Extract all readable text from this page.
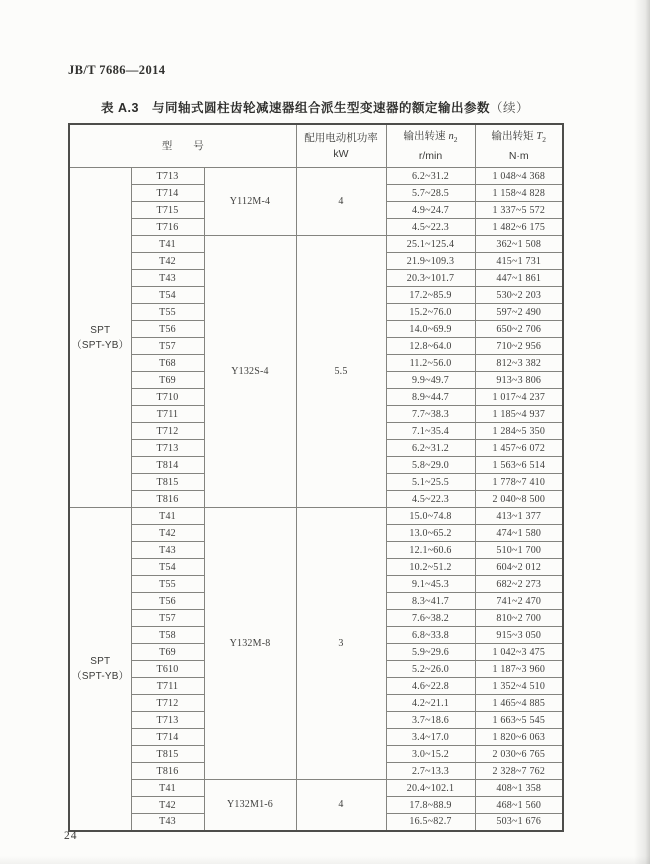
JB/T 7686—2014
表 A.3　 与同轴式圆柱齿轮减速器组合派生型变速器的额定输出参数（续）
型　　号

配用电动机功率
kW

输出转速 $n_2$
r/min

输出转矩 $T_2$
N·m

SPT
（SPT-YB）	T713	Y112M-4	4	6.2~31.2	1 048~4 368
	T714			5.7~28.5	1 158~4 828
	T715			4.9~24.7	1 337~5 572
	T716			4.5~22.3	1 482~6 175
	T41	Y132S-4	5.5	25.1~125.4	362~1 508
	T42			21.9~109.3	415~1 731
	T43			20.3~101.7	447~1 861
	T54			17.2~85.9	530~2 203
	T55			15.2~76.0	597~2 490
	T56			14.0~69.9	650~2 706
	T57			12.8~64.0	710~2 956
	T68			11.2~56.0	812~3 382
	T69			9.9~49.7	913~3 806
	T710			8.9~44.7	1 017~4 237
	T711			7.7~38.3	1 185~4 937
	T712			7.1~35.4	1 284~5 350
	T713			6.2~31.2	1 457~6 072
	T814			5.8~29.0	1 563~6 514
	T815			5.1~25.5	1 778~7 410
	T816			4.5~22.3	2 040~8 500

SPT
（SPT-YB）	T41	Y132M-8	3	15.0~74.8	413~1 377
	T42			13.0~65.2	474~1 580
	T43			12.1~60.6	510~1 700
	T54			10.2~51.2	604~2 012
	T55			9.1~45.3	682~2 273
	T56			8.3~41.7	741~2 470
	T57			7.6~38.2	810~2 700
	T58			6.8~33.8	915~3 050
	T69			5.9~29.6	1 042~3 475
	T610			5.2~26.0	1 187~3 960
	T711			4.6~22.8	1 352~4 510
	T712			4.2~21.1	1 465~4 885
	T713			3.7~18.6	1 663~5 545
	T714			3.4~17.0	1 820~6 063
	T815			3.0~15.2	2 030~6 765
	T816			2.7~13.3	2 328~7 762
	T41	Y132M1-6	4	20.4~102.1	408~1 358
	T42			17.8~88.9	468~1 560
	T43			16.5~82.7	503~1 676
24
